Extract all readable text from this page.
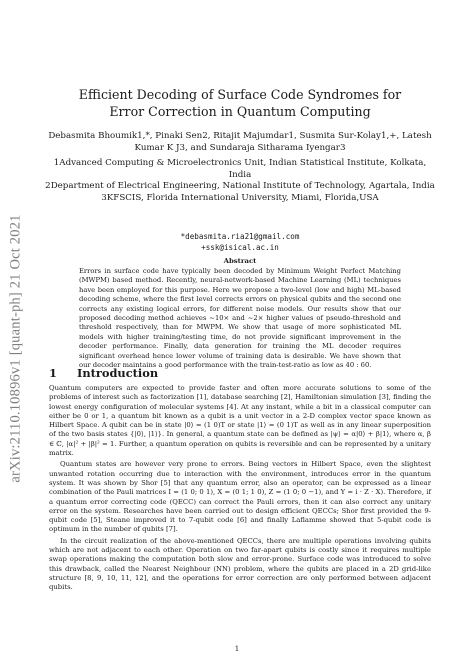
arXiv:2110.10896v1 [quant-ph] 21 Oct 2021
Efficient Decoding of Surface Code Syndromes for Error Correction in Quantum Computing
Debasmita Bhoumik1,*, Pinaki Sen2, Ritajit Majumdar1, Susmita Sur-Kolay1,+, Latesh Kumar K J3, and Sundaraja Sitharama Iyengar3
1Advanced Computing & Microelectronics Unit, Indian Statistical Institute, Kolkata, India
2Department of Electrical Engineering, National Institute of Technology, Agartala, India
3KFSCIS, Florida International University, Miami, Florida,USA
*debasmita.ria21@gmail.com
+ssk@isical.ac.in
Abstract
Errors in surface code have typically been decoded by Minimum Weight Perfect Matching (MWPM) based method. Recently, neural-network-based Machine Learning (ML) techniques have been employed for this purpose. Here we propose a two-level (low and high) ML-based decoding scheme, where the first level corrects errors on physical qubits and the second one corrects any existing logical errors, for different noise models. Our results show that our proposed decoding method achieves ~10× and ~2× higher values of pseudo-threshold and threshold respectively, than for MWPM. We show that usage of more sophisticated ML models with higher training/testing time, do not provide significant improvement in the decoder performance. Finally, data generation for training the ML decoder requires significant overhead hence lower volume of training data is desirable. We have shown that our decoder maintains a good performance with the train-test-ratio as low as 40 : 60.
1 Introduction

Quantum computers are expected to provide faster and often more accurate solutions to some of the problems of interest such as factorization [1], database searching [2], Hamiltonian simulation [3], finding the lowest energy configuration of molecular systems [4]. At any instant, while a bit in a classical computer can either be 0 or 1, a quantum bit known as a qubit is a unit vector in a 2-D complex vector space known as Hilbert Space. A qubit can be in state |0⟩ = (1 0)T or state |1⟩ = (0 1)T as well as in any linear superposition of the two basis states {|0⟩, |1⟩}. In general, a quantum state can be defined as |ψ⟩ = α|0⟩ + β|1⟩, where α, β ∈ ℂ, |α|² + |β|² = 1. Further, a quantum operation on qubits is reversible and can be represented by a unitary matrix.

Quantum states are however very prone to errors. Being vectors in Hilbert Space, even the slightest unwanted rotation occurring due to interaction with the environment, introduces error in the quantum system. It was shown by Shor [5] that any quantum error, also an operator, can be expressed as a linear combination of the Pauli matrices I = (1 0; 0 1), X = (0 1; 1 0), Z = (1 0; 0 −1), and Y = i · Z · X). Therefore, if a quantum error correcting code (QECC) can correct the Pauli errors, then it can also correct any unitary error on the system. Researches have been carried out to design efficient QECCs; Shor first provided the 9-qubit code [5], Steane improved it to 7-qubit code [6] and finally Laflamme showed that 5-qubit code is optimum in the number of qubits [7].

In the circuit realization of the above-mentioned QECCs, there are multiple operations involving qubits which are not adjacent to each other. Operation on two far-apart qubits is costly since it requires multiple swap operations making the computation both slow and error-prone. Surface code was introduced to solve this drawback, called the Nearest Neighbour (NN) problem, where the qubits are placed in a 2D grid-like structure [8, 9, 10, 11, 12], and the operations for error correction are only performed between adjacent qubits.

1
